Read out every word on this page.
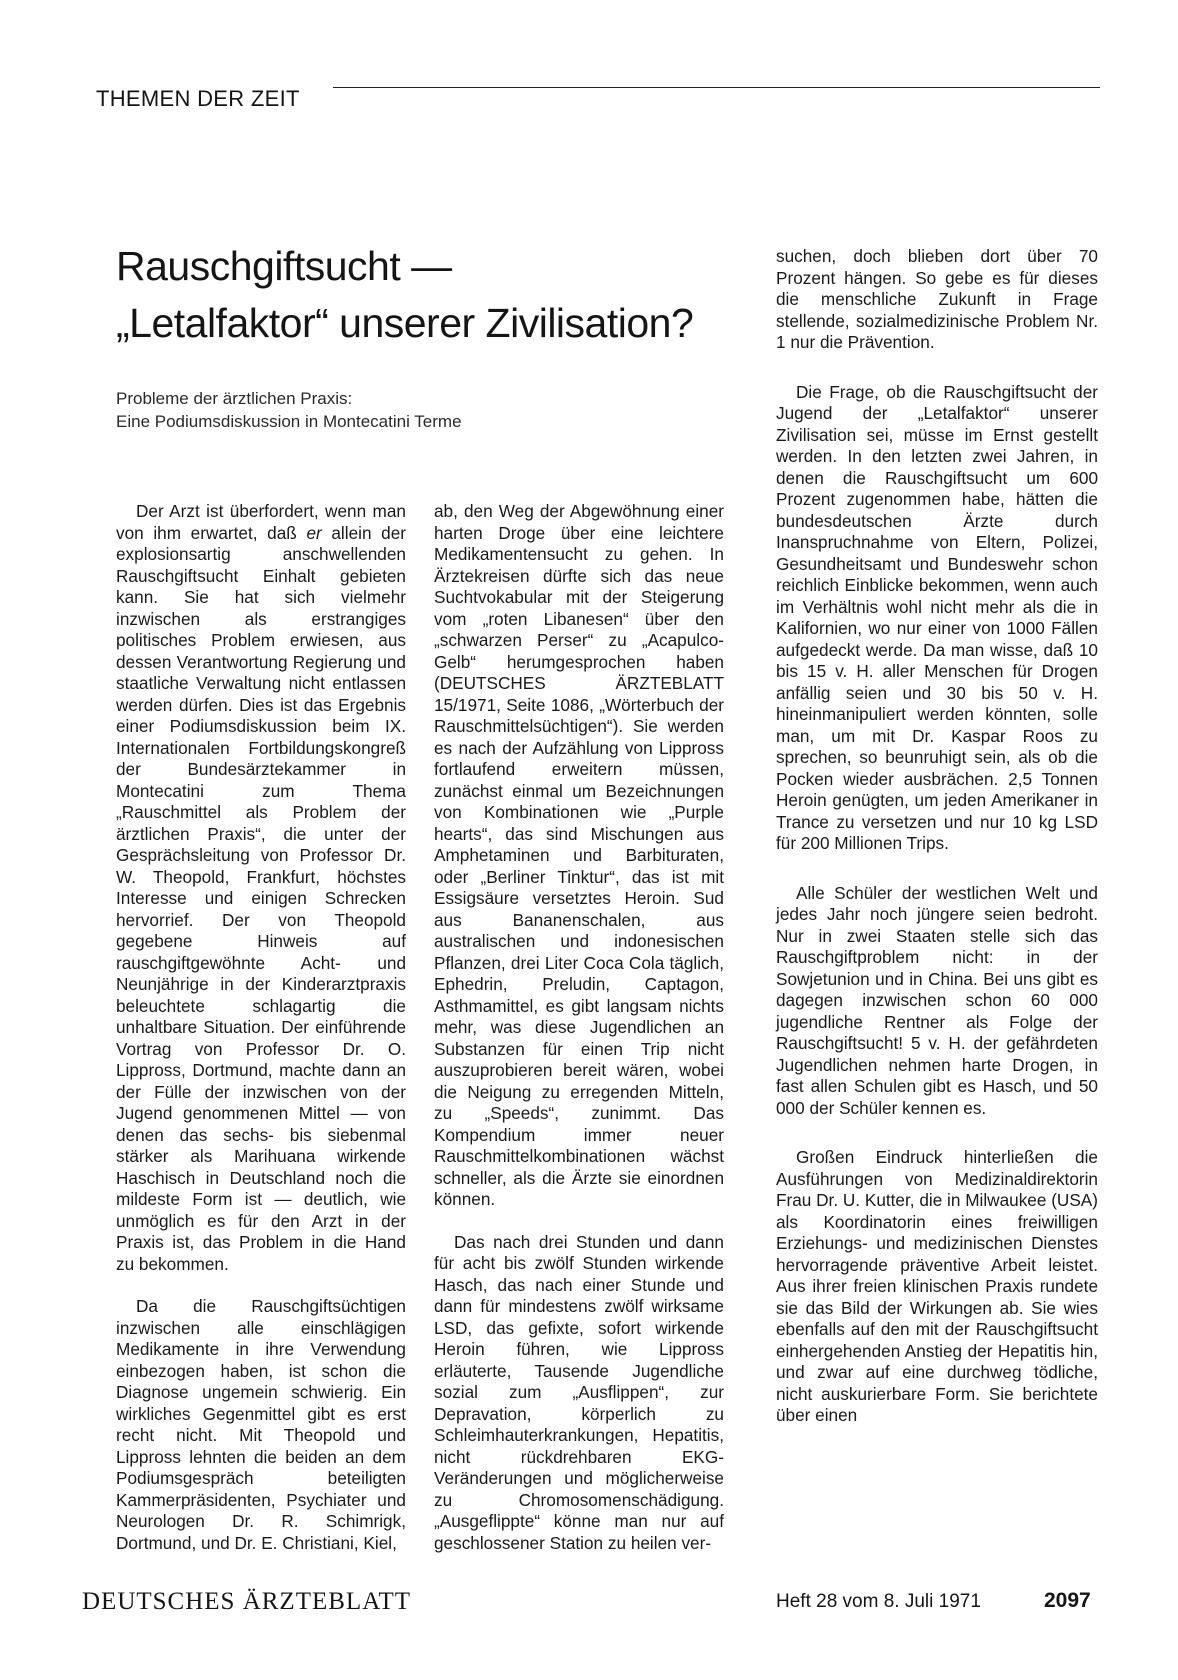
THEMEN DER ZEIT
Rauschgiftsucht —
„Letalfaktor“ unserer Zivilisation?
Probleme der ärztlichen Praxis:
Eine Podiumsdiskussion in Montecatini Terme

Der Arzt ist überfordert, wenn man von ihm erwartet, daß er allein der explosionsartig anschwellenden Rauschgiftsucht Einhalt gebieten kann. Sie hat sich vielmehr inzwischen als erstrangiges politisches Problem erwiesen, aus dessen Verantwortung Regierung und staatliche Verwaltung nicht entlassen werden dürfen. Dies ist das Ergebnis einer Podiumsdiskussion beim IX. Internationalen Fortbildungskongreß der Bundesärztekammer in Montecatini zum Thema „Rauschmittel als Problem der ärztlichen Praxis“, die unter der Gesprächsleitung von Professor Dr. W. Theopold, Frankfurt, höchstes Interesse und einigen Schrecken hervorrief. Der von Theopold gegebene Hinweis auf rauschgiftgewöhnte Acht- und Neunjährige in der Kinderarztpraxis beleuchtete schlagartig die unhaltbare Situation. Der einführende Vortrag von Professor Dr. O. Lippross, Dortmund, machte dann an der Fülle der inzwischen von der Jugend genommenen Mittel — von denen das sechs- bis siebenmal stärker als Marihuana wirkende Haschisch in Deutschland noch die mildeste Form ist — deutlich, wie unmöglich es für den Arzt in der Praxis ist, das Problem in die Hand zu bekommen.

Da die Rauschgiftsüchtigen inzwischen alle einschlägigen Medikamente in ihre Verwendung einbezogen haben, ist schon die Diagnose ungemein schwierig. Ein wirkliches Gegenmittel gibt es erst recht nicht. Mit Theopold und Lippross lehnten die beiden an dem Podiumsgespräch beteiligten Kammerpräsidenten, Psychiater und Neurologen Dr. R. Schimrigk, Dortmund, und Dr. E. Christiani, Kiel,

ab, den Weg der Abgewöhnung einer harten Droge über eine leichtere Medikamentensucht zu gehen. In Ärztekreisen dürfte sich das neue Suchtvokabular mit der Steigerung vom „roten Libanesen“ über den „schwarzen Perser“ zu „Acapulco-Gelb“ herumgesprochen haben (DEUTSCHES ÄRZTEBLATT 15/1971, Seite 1086, „Wörterbuch der Rauschmittelsüchtigen“). Sie werden es nach der Aufzählung von Lippross fortlaufend erweitern müssen, zunächst einmal um Bezeichnungen von Kombinationen wie „Purple hearts“, das sind Mischungen aus Amphetaminen und Barbituraten, oder „Berliner Tinktur“, das ist mit Essigsäure versetztes Heroin. Sud aus Bananenschalen, aus australischen und indonesischen Pflanzen, drei Liter Coca Cola täglich, Ephedrin, Preludin, Captagon, Asthmamittel, es gibt langsam nichts mehr, was diese Jugendlichen an Substanzen für einen Trip nicht auszuprobieren bereit wären, wobei die Neigung zu erregenden Mitteln, zu „Speeds“, zunimmt. Das Kompendium immer neuer Rauschmittelkombinationen wächst schneller, als die Ärzte sie einordnen können.

Das nach drei Stunden und dann für acht bis zwölf Stunden wirkende Hasch, das nach einer Stunde und dann für mindestens zwölf wirksame LSD, das gefixte, sofort wirkende Heroin führen, wie Lippross erläuterte, Tausende Jugendliche sozial zum „Ausflippen“, zur Depravation, körperlich zu Schleimhauterkrankungen, Hepatitis, nicht rückdrehbaren EKG-Veränderungen und möglicherweise zu Chromosomenschädigung. „Ausgeflippte“ könne man nur auf geschlossener Station zu heilen ver-

suchen, doch blieben dort über 70 Prozent hängen. So gebe es für dieses die menschliche Zukunft in Frage stellende, sozialmedizinische Problem Nr. 1 nur die Prävention.

Die Frage, ob die Rauschgiftsucht der Jugend der „Letalfaktor“ unserer Zivilisation sei, müsse im Ernst gestellt werden. In den letzten zwei Jahren, in denen die Rauschgiftsucht um 600 Prozent zugenommen habe, hätten die bundesdeutschen Ärzte durch Inanspruchnahme von Eltern, Polizei, Gesundheitsamt und Bundeswehr schon reichlich Einblicke bekommen, wenn auch im Verhältnis wohl nicht mehr als die in Kalifornien, wo nur einer von 1000 Fällen aufgedeckt werde. Da man wisse, daß 10 bis 15 v. H. aller Menschen für Drogen anfällig seien und 30 bis 50 v. H. hineinmanipuliert werden könnten, solle man, um mit Dr. Kaspar Roos zu sprechen, so beunruhigt sein, als ob die Pocken wieder ausbrächen. 2,5 Tonnen Heroin genügten, um jeden Amerikaner in Trance zu versetzen und nur 10 kg LSD für 200 Millionen Trips.

Alle Schüler der westlichen Welt und jedes Jahr noch jüngere seien bedroht. Nur in zwei Staaten stelle sich das Rauschgiftproblem nicht: in der Sowjetunion und in China. Bei uns gibt es dagegen inzwischen schon 60 000 jugendliche Rentner als Folge der Rauschgiftsucht! 5 v. H. der gefährdeten Jugendlichen nehmen harte Drogen, in fast allen Schulen gibt es Hasch, und 50 000 der Schüler kennen es.

Großen Eindruck hinterließen die Ausführungen von Medizinaldirektorin Frau Dr. U. Kutter, die in Milwaukee (USA) als Koordinatorin eines freiwilligen Erziehungs- und medizinischen Dienstes hervorragende präventive Arbeit leistet. Aus ihrer freien klinischen Praxis rundete sie das Bild der Wirkungen ab. Sie wies ebenfalls auf den mit der Rauschgiftsucht einhergehenden Anstieg der Hepatitis hin, und zwar auf eine durchweg tödliche, nicht auskurierbare Form. Sie berichtete über einen

DEUTSCHES ÄRZTEBLATT	Heft 28 vom 8. Juli 1971	2097
